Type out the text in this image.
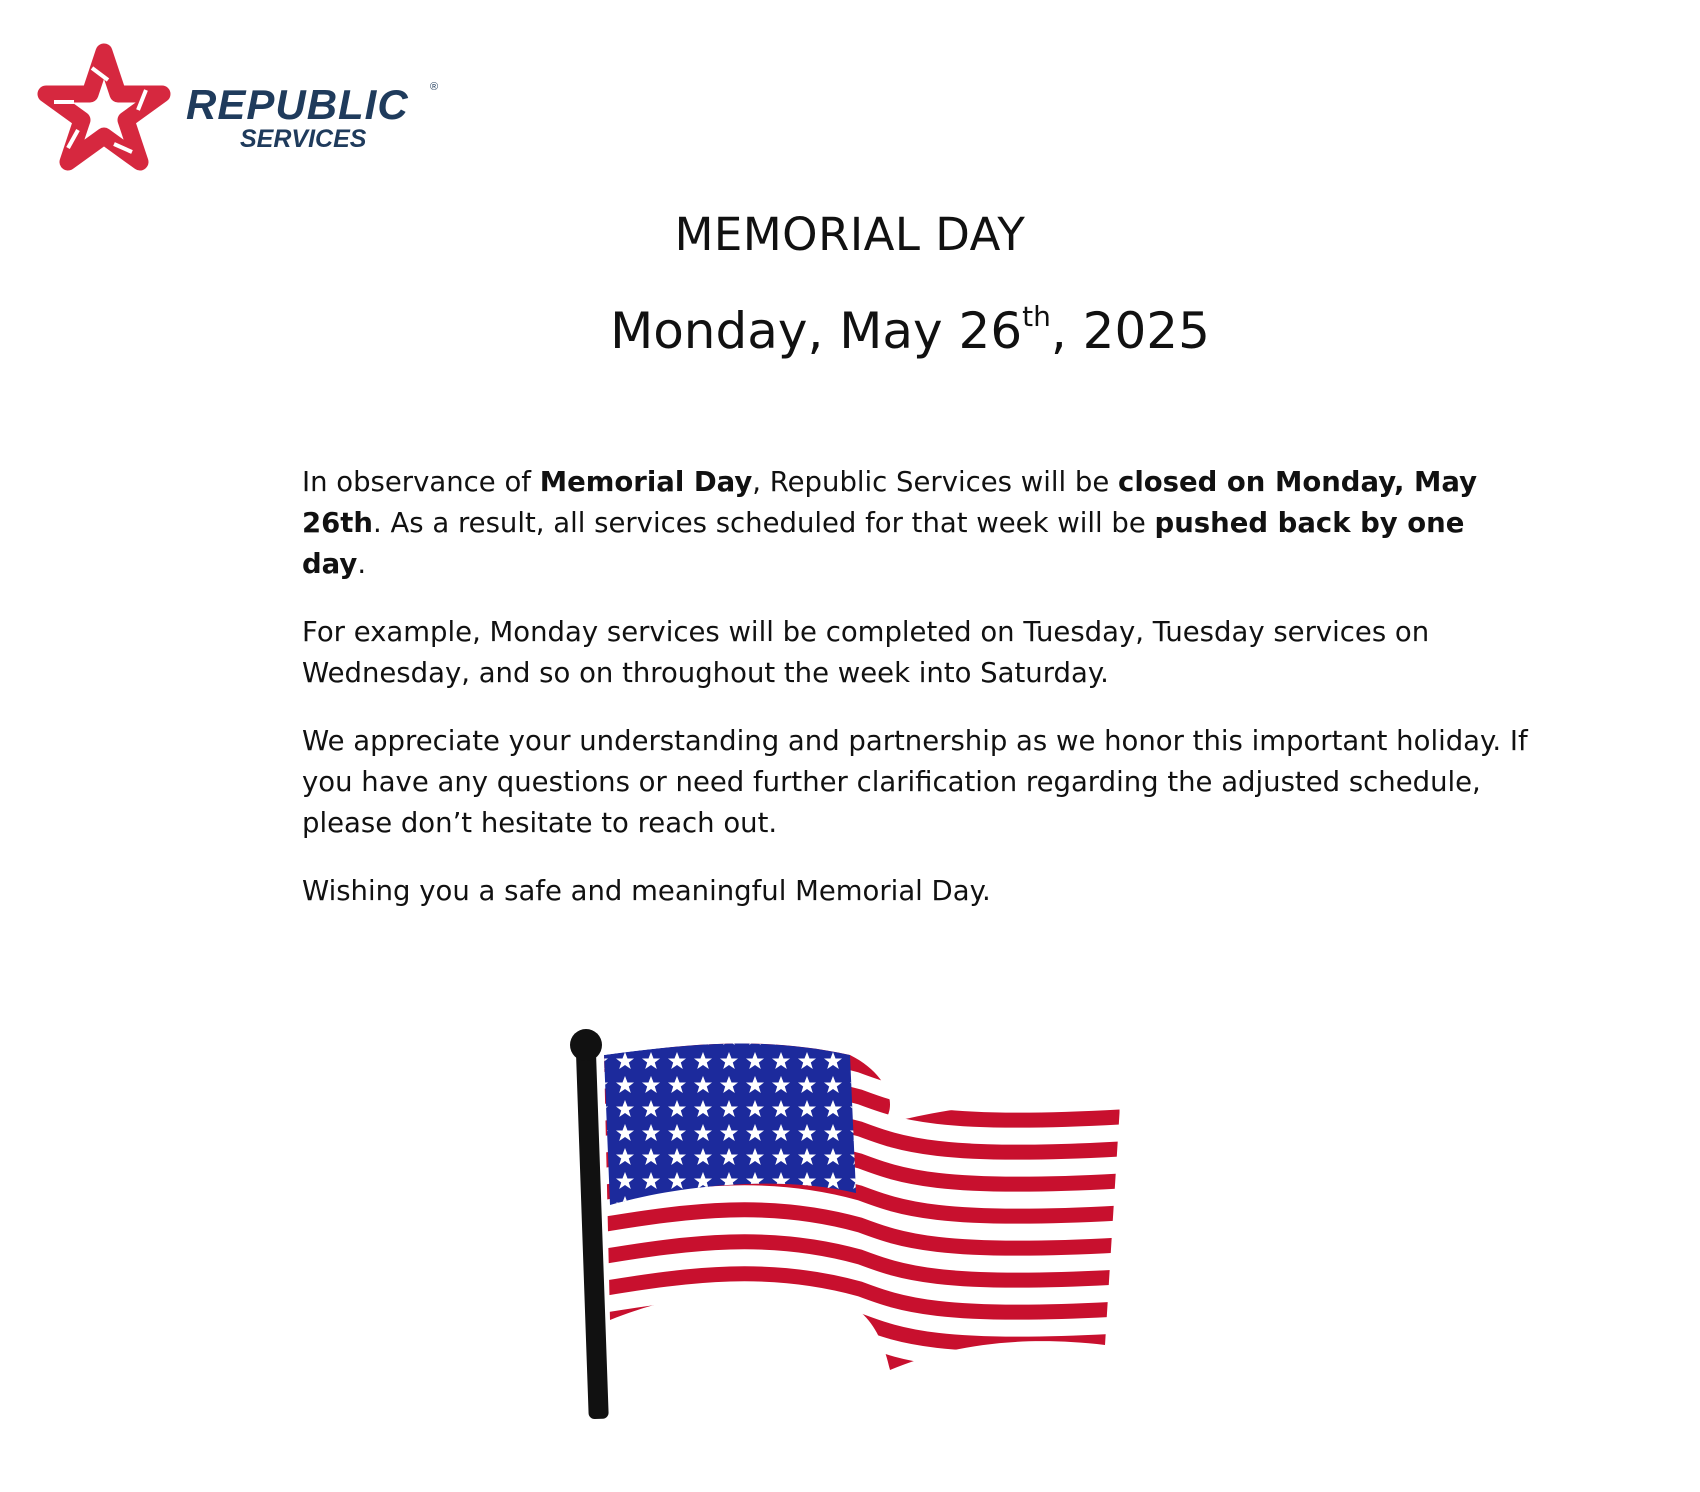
REPUBLIC
SERVICES
®
MEMORIAL DAY
Monday, May 26th, 2025

In observance of Memorial Day, Republic Services will be closed on Monday, May 26th. As a result, all services scheduled for that week will be pushed back by one day.

For example, Monday services will be completed on Tuesday, Tuesday services on Wednesday, and so on throughout the week into Saturday.

We appreciate your understanding and partnership as we honor this important holiday. If you have any questions or need further clarification regarding the adjusted schedule, please don’t hesitate to reach out.

Wishing you a safe and meaningful Memorial Day.
